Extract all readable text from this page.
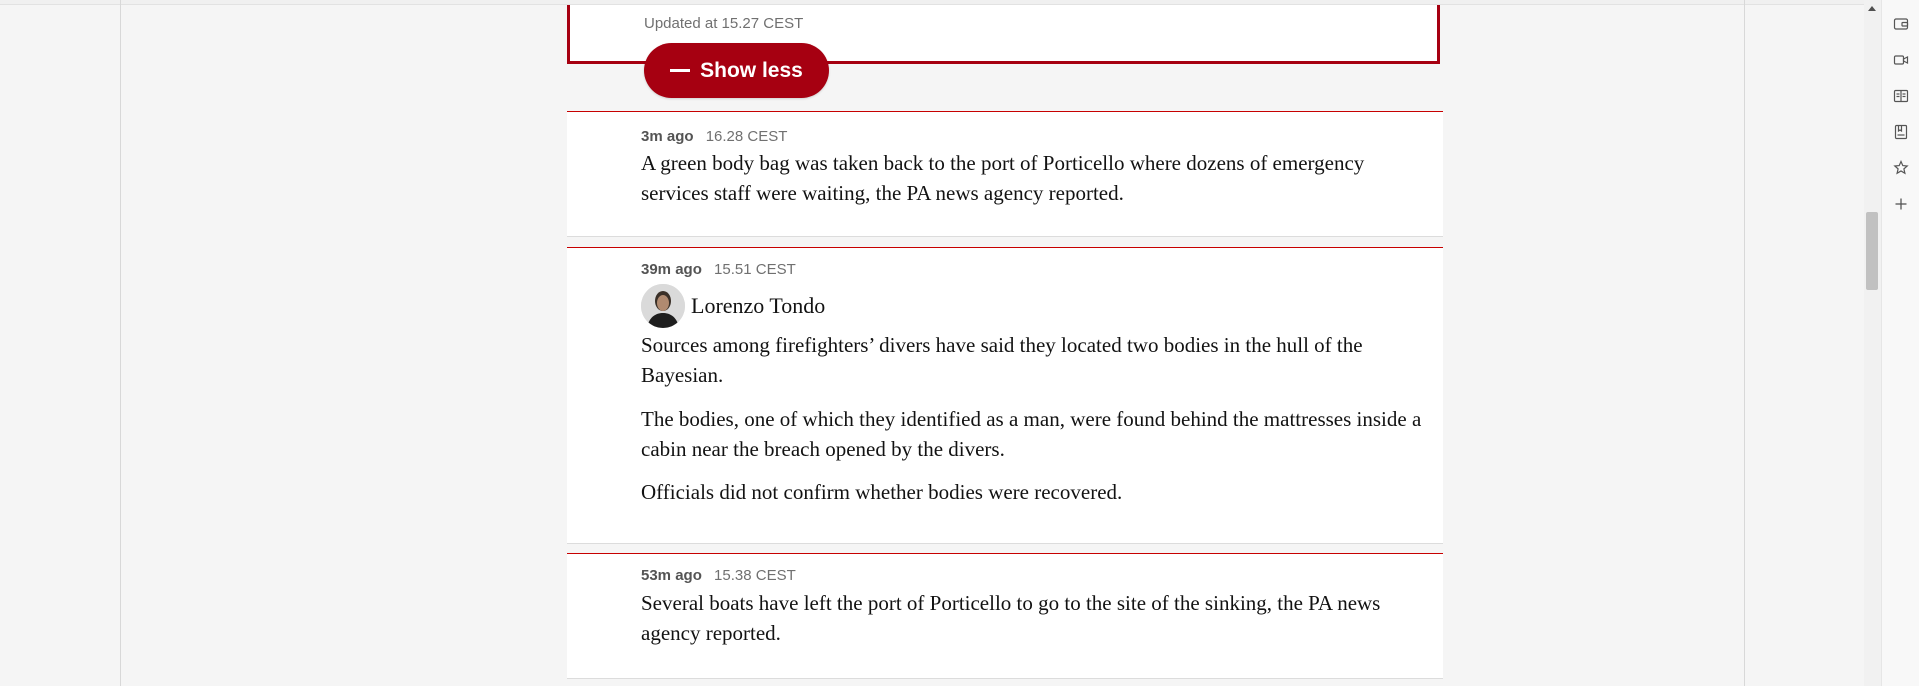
Updated at 15.27 CEST
Show less
3m ago 16.28 CEST

A green body bag was taken back to the port of Porticello where dozens of emergency services staff were waiting, the PA news agency reported.

39m ago 15.51 CEST
Lorenzo Tondo

Sources among firefighters’ divers have said they located two bodies in the hull of the Bayesian.

The bodies, one of which they identified as a man, were found behind the mattresses inside a cabin near the breach opened by the divers.

Officials did not confirm whether bodies were recovered.

53m ago 15.38 CEST

Several boats have left the port of Porticello to go to the site of the sinking, the PA news agency reported.
